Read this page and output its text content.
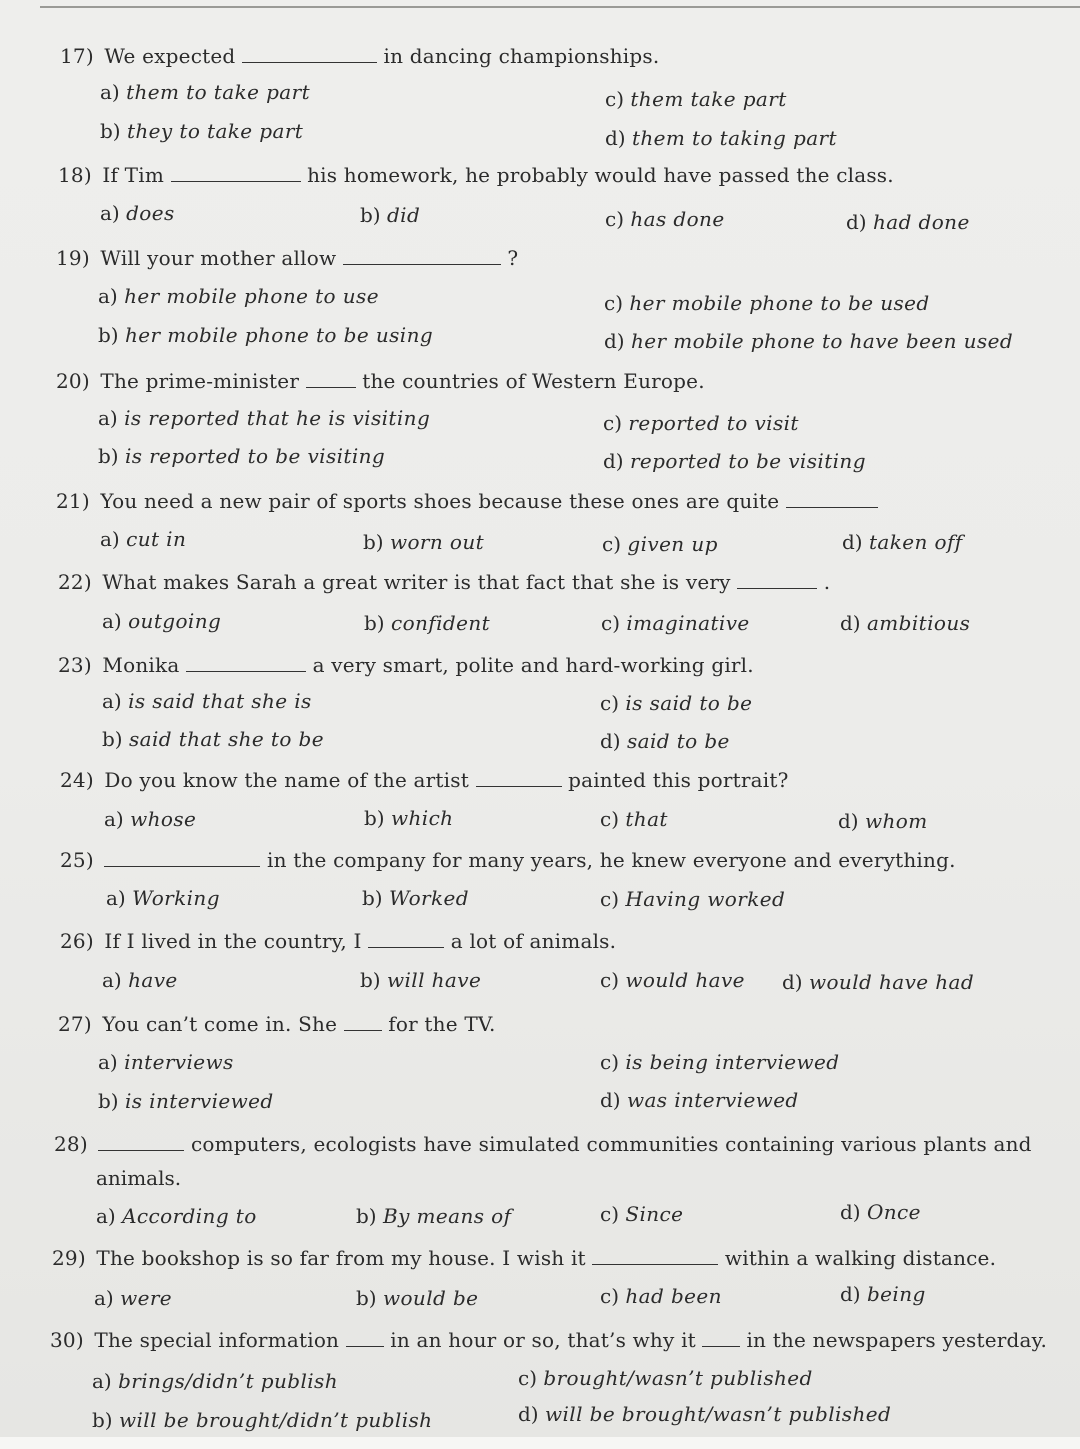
17) We expected	in dancing championships.
a) them to take part	c) them take part
b) they to take part	d) them to taking part
18) If Tim	his homework, he probably would have passed the class.
a) does	b) did	c) has done	d) had done
19) Will your mother allow	?
a) her mobile phone to use	c) her mobile phone to be used
b) her mobile phone to be using	d) her mobile phone to have been used
20) The prime-minister	the countries of Western Europe.
a) is reported that he is visiting	c) reported to visit
b) is reported to be visiting	d) reported to be visiting
21) You need a new pair of sports shoes because these ones are quite
a) cut in	b) worn out	c) given up	d) taken off
22) What makes Sarah a great writer is that fact that she is very	.
a) outgoing	b) confident	c) imaginative	d) ambitious
23) Monika	a very smart, polite and hard-working girl.
a) is said that she is	c) is said to be
b) said that she to be	d) said to be
24) Do you know the name of the artist	painted this portrait?
a) whose	b) which	c) that	d) whom
25)	in the company for many years, he knew everyone and everything.
a) Working	b) Worked	c) Having worked
26) If I lived in the country, I	a lot of animals.
a) have	b) will have	c) would have d) would have had
27) You can’t come in. She  for the TV.
a) interviews	c) is being interviewed
b) is interviewed	d) was interviewed
28)	computers, ecologists have simulated communities containing various plants and
animals.
a) According to	b) By means of	c) Since	d) Once
29) The bookshop is so far from my house. I wish it	within a walking distance.
a) were	b) would be	c) had been	d) being
30) The special information  in an hour or so, that’s why it in the newspapers yesterday.
a) brings/didn’t publish	c) brought/wasn’t published
b) will be brought/didn’t publish	d) will be brought/wasn’t published
